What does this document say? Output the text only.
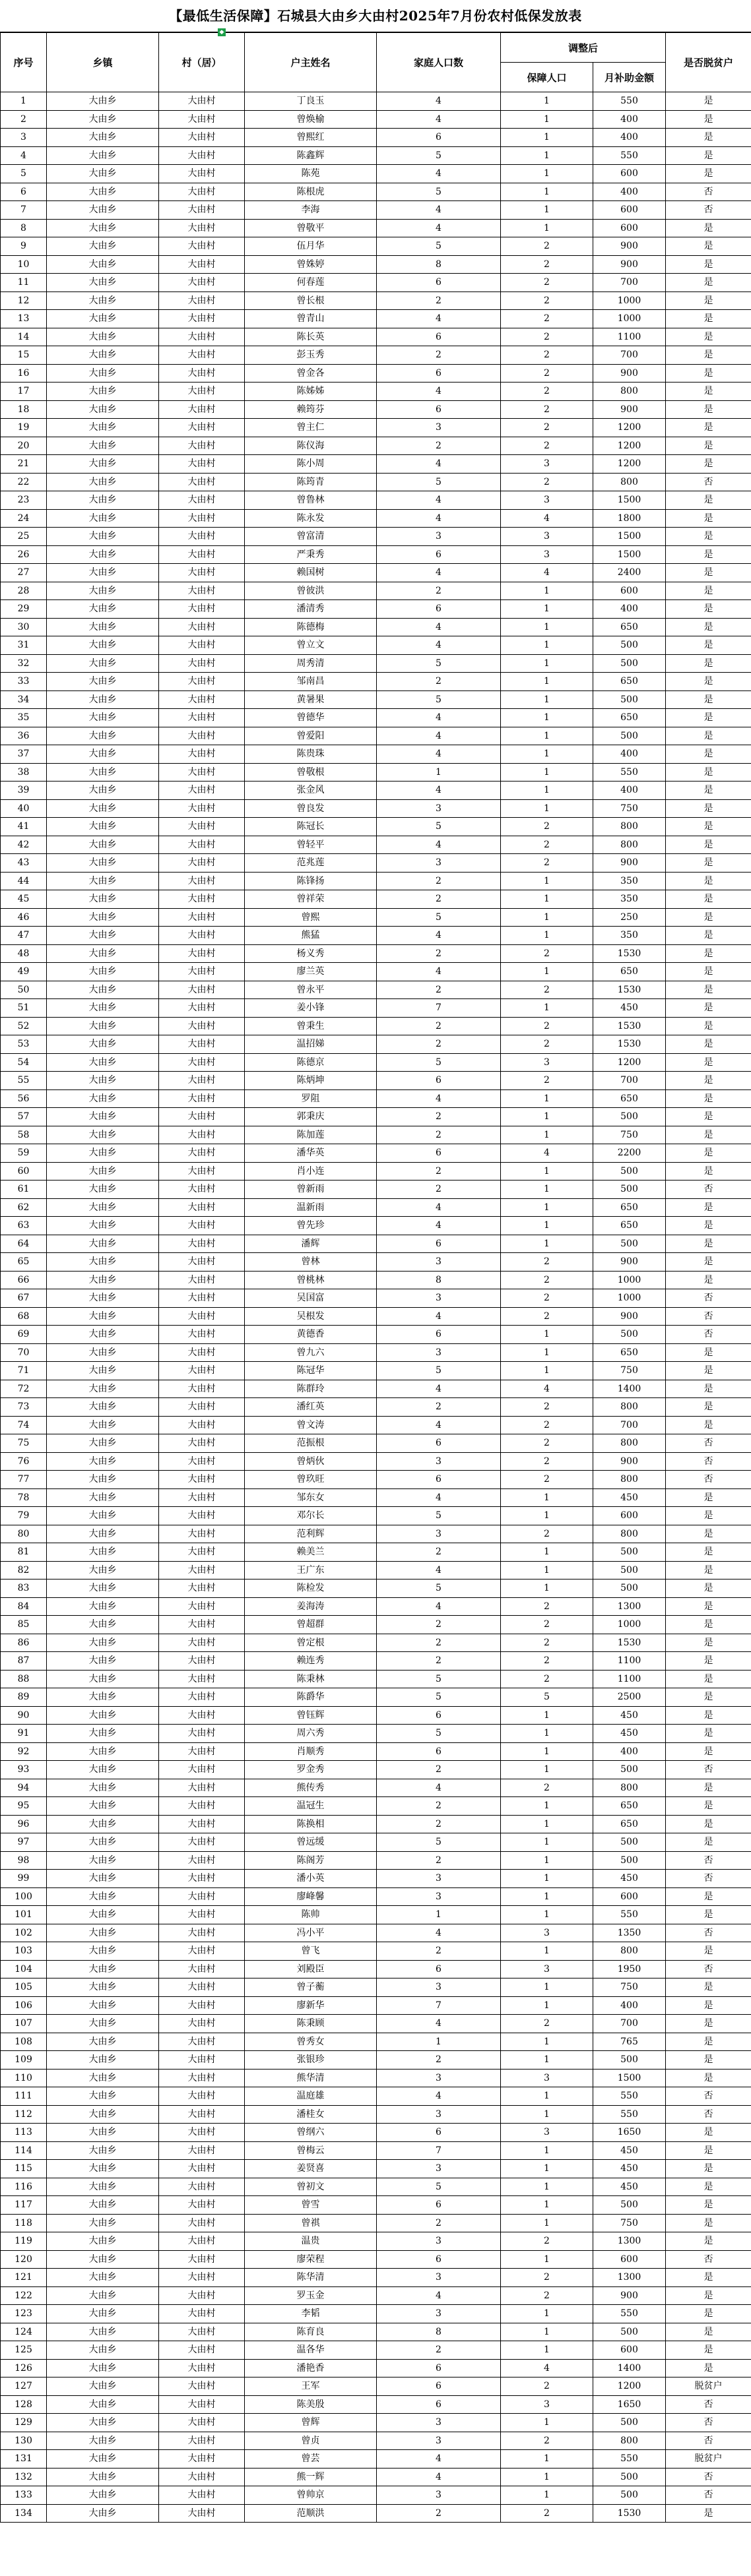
【最低生活保障】石城县大由乡大由村2025年7月份农村低保发放表
◆
序号	乡镇	村（居）	户主姓名	家庭人口数	调整后		是否脱贫户
					保障人口	月补助金额	
1	大由乡	大由村	丁良玉	4	1	550	是
2	大由乡	大由村	曾焕榆	4	1	400	是
3	大由乡	大由村	曾熙红	6	1	400	是
4	大由乡	大由村	陈鑫辉	5	1	550	是
5	大由乡	大由村	陈苑	4	1	600	是
6	大由乡	大由村	陈根虎	5	1	400	否
7	大由乡	大由村	李海	4	1	600	否
8	大由乡	大由村	曾敬平	4	1	600	是
9	大由乡	大由村	伍月华	5	2	900	是
10	大由乡	大由村	曾姝婷	8	2	900	是
11	大由乡	大由村	何春莲	6	2	700	是
12	大由乡	大由村	曾长根	2	2	1000	是
13	大由乡	大由村	曾青山	4	2	1000	是
14	大由乡	大由村	陈长英	6	2	1100	是
15	大由乡	大由村	彭玉秀	2	2	700	是
16	大由乡	大由村	曾金各	6	2	900	是
17	大由乡	大由村	陈姊姊	4	2	800	是
18	大由乡	大由村	赖筠芬	6	2	900	是
19	大由乡	大由村	曾主仁	3	2	1200	是
20	大由乡	大由村	陈仪海	2	2	1200	是
21	大由乡	大由村	陈小周	4	3	1200	是
22	大由乡	大由村	陈筠青	5	2	800	否
23	大由乡	大由村	曾鲁林	4	3	1500	是
24	大由乡	大由村	陈永发	4	4	1800	是
25	大由乡	大由村	曾富清	3	3	1500	是
26	大由乡	大由村	严秉秀	6	3	1500	是
27	大由乡	大由村	赖国树	4	4	2400	是
28	大由乡	大由村	曾彼洪	2	1	600	是
29	大由乡	大由村	潘清秀	6	1	400	是
30	大由乡	大由村	陈德梅	4	1	650	是
31	大由乡	大由村	曾立文	4	1	500	是
32	大由乡	大由村	周秀清	5	1	500	是
33	大由乡	大由村	邹南昌	2	1	650	是
34	大由乡	大由村	黄暑果	5	1	500	是
35	大由乡	大由村	曾德华	4	1	650	是
36	大由乡	大由村	曾爱阳	4	1	500	是
37	大由乡	大由村	陈贵珠	4	1	400	是
38	大由乡	大由村	曾敬根	1	1	550	是
39	大由乡	大由村	张金风	4	1	400	是
40	大由乡	大由村	曾良发	3	1	750	是
41	大由乡	大由村	陈冠长	5	2	800	是
42	大由乡	大由村	曾轻平	4	2	800	是
43	大由乡	大由村	范兆莲	3	2	900	是
44	大由乡	大由村	陈锋扬	2	1	350	是
45	大由乡	大由村	曾祥荣	2	1	350	是
46	大由乡	大由村	曾熙	5	1	250	是
47	大由乡	大由村	熊猛	4	1	350	是
48	大由乡	大由村	杨义秀	2	2	1530	是
49	大由乡	大由村	廖兰英	4	1	650	是
50	大由乡	大由村	曾永平	2	2	1530	是
51	大由乡	大由村	姜小锋	7	1	450	是
52	大由乡	大由村	曾秉生	2	2	1530	是
53	大由乡	大由村	温招娣	2	2	1530	是
54	大由乡	大由村	陈德京	5	3	1200	是
55	大由乡	大由村	陈炳坤	6	2	700	是
56	大由乡	大由村	罗阻	4	1	650	是
57	大由乡	大由村	郭秉庆	2	1	500	是
58	大由乡	大由村	陈加莲	2	1	750	是
59	大由乡	大由村	潘华英	6	4	2200	是
60	大由乡	大由村	肖小连	2	1	500	是
61	大由乡	大由村	曾新雨	2	1	500	否
62	大由乡	大由村	温新雨	4	1	650	是
63	大由乡	大由村	曾先珍	4	1	650	是
64	大由乡	大由村	潘辉	6	1	500	是
65	大由乡	大由村	曾林	3	2	900	是
66	大由乡	大由村	曾桃林	8	2	1000	是
67	大由乡	大由村	吴国富	3	2	1000	否
68	大由乡	大由村	吴根发	4	2	900	否
69	大由乡	大由村	黄德香	6	1	500	否
70	大由乡	大由村	曾九六	3	1	650	是
71	大由乡	大由村	陈冠华	5	1	750	是
72	大由乡	大由村	陈群玲	4	4	1400	是
73	大由乡	大由村	潘红英	2	2	800	是
74	大由乡	大由村	曾文涛	4	2	700	是
75	大由乡	大由村	范振根	6	2	800	否
76	大由乡	大由村	曾炳伙	3	2	900	否
77	大由乡	大由村	曾玖旺	6	2	800	否
78	大由乡	大由村	邹东女	4	1	450	是
79	大由乡	大由村	邓尔长	5	1	600	是
80	大由乡	大由村	范利辉	3	2	800	是
81	大由乡	大由村	赖美兰	2	1	500	是
82	大由乡	大由村	王广东	4	1	500	是
83	大由乡	大由村	陈检发	5	1	500	是
84	大由乡	大由村	姜海涛	4	2	1300	是
85	大由乡	大由村	曾超群	2	2	1000	是
86	大由乡	大由村	曾定根	2	2	1530	是
87	大由乡	大由村	赖连秀	2	2	1100	是
88	大由乡	大由村	陈秉林	5	2	1100	是
89	大由乡	大由村	陈爵华	5	5	2500	是
90	大由乡	大由村	曾钰辉	6	1	450	是
91	大由乡	大由村	周六秀	5	1	450	是
92	大由乡	大由村	肖顺秀	6	1	400	是
93	大由乡	大由村	罗金秀	2	1	500	否
94	大由乡	大由村	熊传秀	4	2	800	是
95	大由乡	大由村	温冠生	2	1	650	是
96	大由乡	大由村	陈换相	2	1	650	是
97	大由乡	大由村	曾远缓	5	1	500	是
98	大由乡	大由村	陈阁芳	2	1	500	否
99	大由乡	大由村	潘小英	3	1	450	否
100	大由乡	大由村	廖峰馨	3	1	600	是
101	大由乡	大由村	陈帅	1	1	550	是
102	大由乡	大由村	冯小平	4	3	1350	否
103	大由乡	大由村	曾飞	2	1	800	是
104	大由乡	大由村	刘殿臣	6	3	1950	否
105	大由乡	大由村	曾子蘅	3	1	750	是
106	大由乡	大由村	廖新华	7	1	400	是
107	大由乡	大由村	陈秉顾	4	2	700	是
108	大由乡	大由村	曾秀女	1	1	765	是
109	大由乡	大由村	张银珍	2	1	500	是
110	大由乡	大由村	熊华清	3	3	1500	是
111	大由乡	大由村	温庭雄	4	1	550	否
112	大由乡	大由村	潘桂女	3	1	550	否
113	大由乡	大由村	曾纲六	6	3	1650	是
114	大由乡	大由村	曾梅云	7	1	450	是
115	大由乡	大由村	姜贤喜	3	1	450	是
116	大由乡	大由村	曾初文	5	1	450	是
117	大由乡	大由村	曾雪	6	1	500	是
118	大由乡	大由村	曾祺	2	1	750	是
119	大由乡	大由村	温贵	3	2	1300	是
120	大由乡	大由村	廖荣程	6	1	600	否
121	大由乡	大由村	陈华清	3	2	1300	是
122	大由乡	大由村	罗玉金	4	2	900	是
123	大由乡	大由村	李韬	3	1	550	是
124	大由乡	大由村	陈育良	8	1	500	是
125	大由乡	大由村	温各华	2	1	600	是
126	大由乡	大由村	潘艳香	6	4	1400	是
127	大由乡	大由村	王军	6	2	1200	脱贫户
128	大由乡	大由村	陈美殷	6	3	1650	否
129	大由乡	大由村	曾辉	3	1	500	否
130	大由乡	大由村	曾贞	3	2	800	否
131	大由乡	大由村	曾芸	4	1	550	脱贫户
132	大由乡	大由村	熊一辉	4	1	500	否
133	大由乡	大由村	曾帅京	3	1	500	否
134	大由乡	大由村	范顺洪	2	2	1530	是
